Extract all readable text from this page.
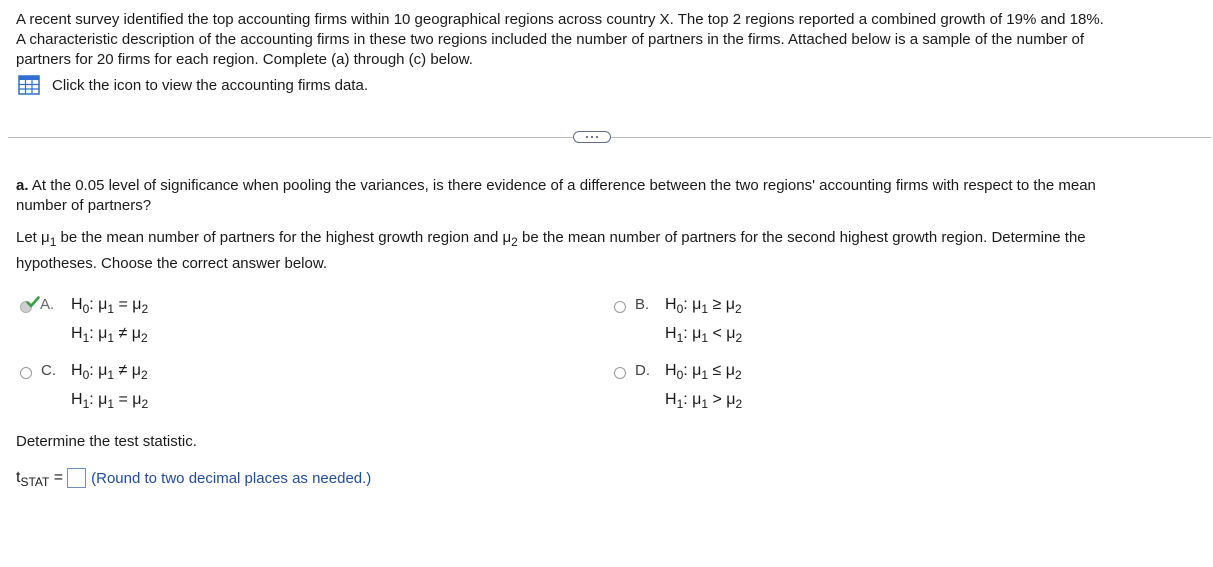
A recent survey identified the top accounting firms within 10 geographical regions across country X. The top 2 regions reported a combined growth of 19% and 18%.

A characteristic description of the accounting firms in these two regions included the number of partners in the firms. Attached below is a sample of the number of

partners for 20 firms for each region. Complete (a) through (c) below.

Click the icon to view the accounting firms data.

a. At the 0.05 level of significance when pooling the variances, is there evidence of a difference between the two regions' accounting firms with respect to the mean
number of partners?

Let $\mu_1$ be the mean number of partners for the highest growth region and $\mu_2$ be the mean number of partners for the second highest growth region. Determine the
hypotheses. Choose the correct answer below.

A. $H_0$: $\mu_1 = \mu_2$
$H_1$: $\mu_1 \ne \mu_2$
B. $H_0$: $\mu_1 \ge \mu_2$
$H_1$: $\mu_1 < \mu_2$
C. $H_0$: $\mu_1 \ne \mu_2$
$H_1$: $\mu_1 = \mu_2$
D. $H_0$: $\mu_1 \le \mu_2$
$H_1$: $\mu_1 > \mu_2$

Determine the test statistic.

$t_{STAT}$ = (Round to two decimal places as needed.)
